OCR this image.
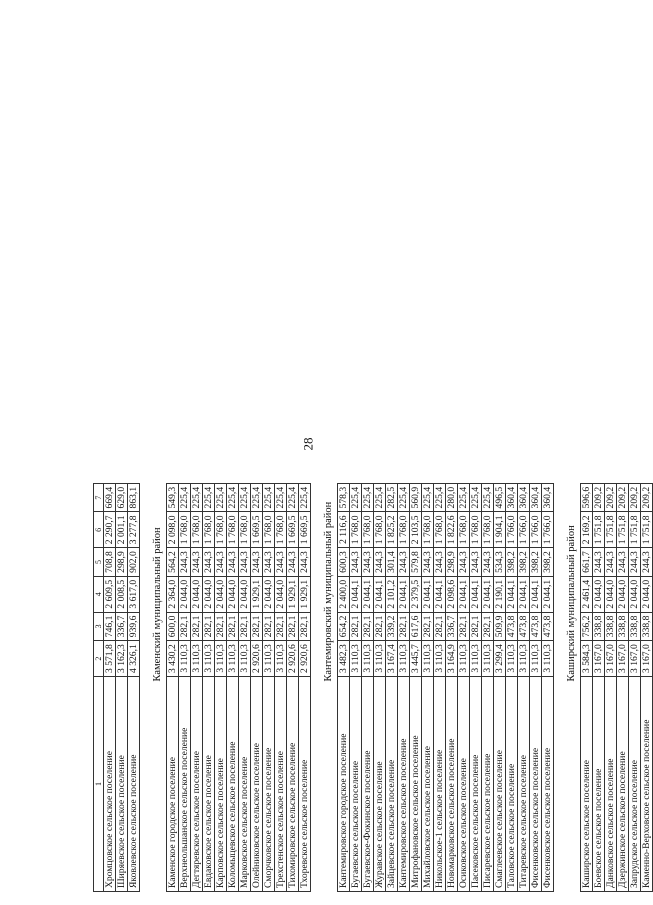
28
1	2	3	4	5	6	7
Хромцовское сельское поселение	3 571,8	746,1	2 609,5	708,8	2 290,7	669,4
Ширяевское сельское поселение	3 162,3	336,7	2 008,5	298,9	2 001,1	629,0
Яковлевское сельское поселение	4 326,1	939,6	3 617,0	902,0	3 277,8	863,1

Каменский муниципальный район						

Каменское городское поселение	3 430,2	600,0	2 364,0	564,2	2 098,0	549,3
Верхнеольшанское сельское поселение	3 110,3	282,1	2 044,0	244,3	1 768,0	225,4
Дегтяревское сельское поселение	3 110,3	282,1	2 044,0	244,3	1 768,0	225,4
Евдаковское сельское поселение	3 110,3	282,1	2 044,0	244,3	1 768,0	225,4
Карповское сельское поселение	3 110,3	282,1	2 044,0	244,3	1 768,0	225,4
Коломыцевское сельское поселение	3 110,3	282,1	2 044,0	244,3	1 768,0	225,4
Марковское сельское поселение	3 110,3	282,1	2 044,0	244,3	1 768,0	225,4
Олейниковское сельское поселение	2 920,6	282,1	1 929,1	244,3	1 669,5	225,4
Сморчковское сельское поселение	3 110,3	282,1	2 044,0	244,3	1 768,0	225,4
Трехстенское сельское поселение	3 110,3	282,1	2 044,0	244,3	1 768,0	225,4
Тихомировское сельское поселение	2 920,6	282,1	1 929,1	244,3	1 669,5	225,4
Тхоревское сельское поселение	2 920,6	282,1	1 929,1	244,3	1 669,5	225,4

Кантемировский муниципальный район						

Кантемировское городское поселение	3 482,3	654,2	2 400,0	600,3	2 116,6	578,3
Бугаевское сельское поселение	3 110,3	282,1	2 044,1	244,3	1 768,0	225,4
Бугаевское-Фокинское поселение	3 110,3	282,1	2 044,1	244,3	1 768,0	225,4
Журавское сельское поселение	3 110,3	282,1	2 044,1	244,3	1 768,0	225,4
Зайцевское сельское поселение	3 167,4	339,2	2 101,2	301,4	1 825,2	282,5
Кантемировское сельское поселение	3 110,3	282,1	2 044,1	244,3	1 768,0	225,4
Митрофановское сельское поселение	3 445,7	617,6	2 379,5	579,8	2 103,5	560,9
Михайловское сельское поселение	3 110,3	282,1	2 044,1	244,3	1 768,0	225,4
Никольское-1 сельское поселение	3 110,3	282,1	2 044,1	244,3	1 768,0	225,4
Новомарковское сельское поселение	3 164,9	336,7	2 098,6	298,9	1 822,6	280,0
Осиковское сельское поселение	3 110,3	282,1	2 044,1	244,3	1 768,0	225,4
Пасековское сельское поселение	3 110,3	282,1	2 044,1	244,3	1 768,0	225,4
Писаревское сельское поселение	3 110,3	282,1	2 044,1	244,3	1 768,0	225,4
Смаглеевское сельское поселение	3 299,4	509,9	2 190,1	534,3	1 904,1	496,5
Таловское сельское поселение	3 110,3	473,8	2 044,1	398,2	1 766,0	360,4
Титаревское сельское поселение	3 110,3	473,8	2 044,1	398,2	1 766,0	360,4
Фисенковское сельское поселение	3 110,3	473,8	2 044,1	398,2	1 766,0	360,4
Фисенковское сельское поселение	3 110,3	473,8	2 044,1	398,2	1 766,0	360,4

Каширский муниципальный район						

Каширское сельское поселение	3 584,3	756,2	2 461,4	661,7	2 169,2	596,6
Боевское сельское поселение	3 167,0	338,8	2 044,0	244,3	1 751,8	209,2
Данковское сельское поселение	3 167,0	338,8	2 044,0	244,3	1 751,8	209,2
Дзержинское сельское поселение	3 167,0	338,8	2 044,0	244,3	1 751,8	209,2
Запрудское сельское поселение	3 167,0	338,8	2 044,0	244,3	1 751,8	209,2
Каменно-Верховское сельское поселение	3 167,0	338,8	2 044,0	244,3	1 751,8	209,2
